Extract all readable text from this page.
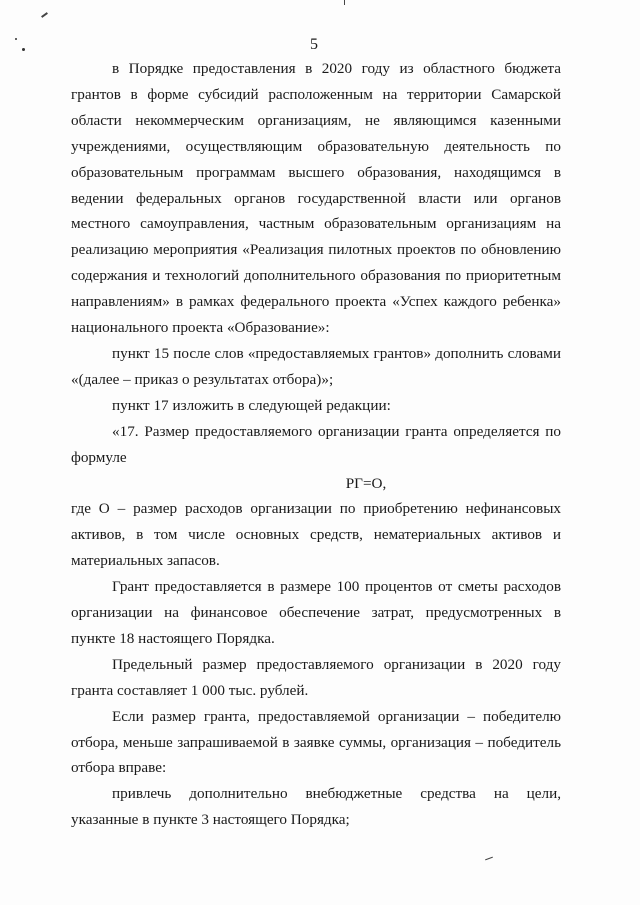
5

в Порядке предоставления в 2020 году из областного бюджета грантов в форме субсидий расположенным на территории Самарской области некоммерческим организациям, не являющимся казенными учреждениями, осуществляющим образовательную деятельность по образовательным программам высшего образования, находящимся в ведении федеральных органов государственной власти или органов местного самоуправления, частным образовательным организациям на реализацию мероприятия «Реализация пилотных проектов по обновлению содержания и технологий дополнительного образования по приоритетным направлениям» в рамках федерального проекта «Успех каждого ребенка» национального проекта «Образование»:

пункт 15 после слов «предоставляемых грантов» дополнить словами «(далее – приказ о результатах отбора)»;

пункт 17 изложить в следующей редакции:

«17. Размер предоставляемого организации гранта определяется по формуле

РГ=О,

где О – размер расходов организации по приобретению нефинансовых активов, в том числе основных средств, нематериальных активов и материальных запасов.

Грант предоставляется в размере 100 процентов от сметы расходов организации на финансовое обеспечение затрат, предусмотренных в пункте 18 настоящего Порядка.

Предельный размер предоставляемого организации в 2020 году гранта составляет 1 000 тыс. рублей.

Если размер гранта, предоставляемой организации – победителю отбора, меньше запрашиваемой в заявке суммы, организация – победитель отбора вправе:

привлечь дополнительно внебюджетные средства на цели, указанные в пункте 3 настоящего Порядка;
